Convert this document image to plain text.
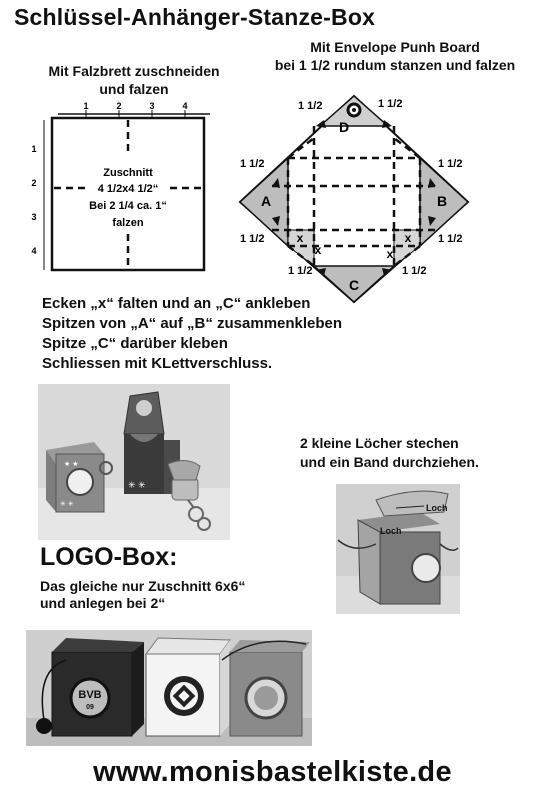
Schlüssel-Anhänger-Stanze-Box
Mit Falzbrett zuschneiden
und falzen
1	2	3	4
1
2
3
4
Zuschnitt
4 1/2x4 1/2“
Bei 2 1/4 ca. 1“
falzen
Mit Envelope Punh Board
bei 1 1/2 rundum stanzen und falzen
A	B
C
D
x
x
x
x
1 1/2	1 1/2
1 1/2	1 1/2
1 1/2	1 1/2
1 1/2	1 1/2
Ecken „x“ falten und an „C“ ankleben
Spitzen von „A“ auf „B“ zusammenkleben
Spitze „C“ darüber kleben
Schliessen mit KLettverschluss.
★ ★
✳ ✳
✳ ✳
2 kleine Löcher stechen
und ein Band durchziehen.
Loch
Loch
LOGO-Box:
Das gleiche nur Zuschnitt 6x6“
und anlegen bei 2“
BVB
09
www.monisbastelkiste.de
